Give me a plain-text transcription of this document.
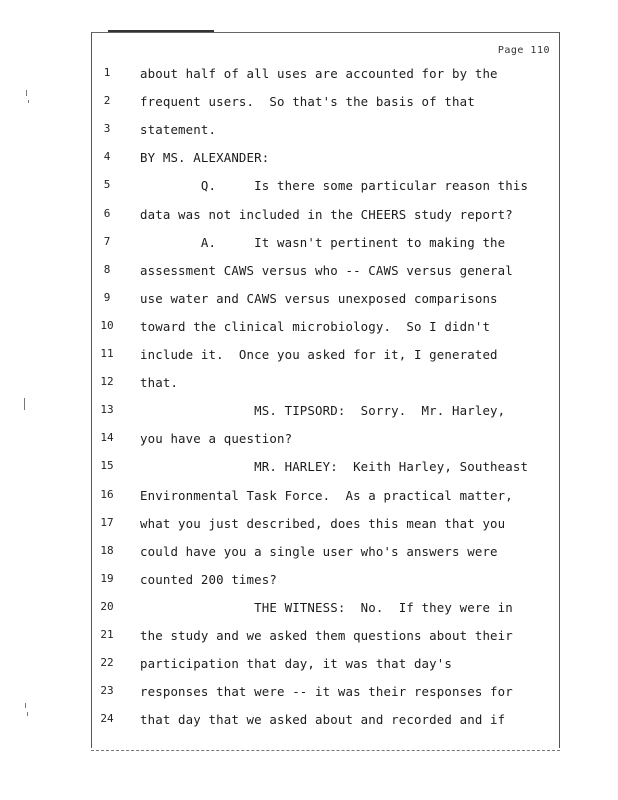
Page 110
1	about half of all uses are accounted for by the
2	frequent users.  So that's the basis of that
3	statement.
4	BY MS. ALEXANDER:
5	Q.     Is there some particular reason this
6	data was not included in the CHEERS study report?
7	A.     It wasn't pertinent to making the
8	assessment CAWS versus who -- CAWS versus general
9	use water and CAWS versus unexposed comparisons
10	toward the clinical microbiology.  So I didn't
11	include it.  Once you asked for it, I generated
12	that.
13	MS. TIPSORD:  Sorry.  Mr. Harley,
14	you have a question?
15	MR. HARLEY:  Keith Harley, Southeast
16	Environmental Task Force.  As a practical matter,
17	what you just described, does this mean that you
18	could have you a single user who's answers were
19	counted 200 times?
20	THE WITNESS:  No.  If they were in
21	the study and we asked them questions about their
22	participation that day, it was that day's
23	responses that were -- it was their responses for
24	that day that we asked about and recorded and if
